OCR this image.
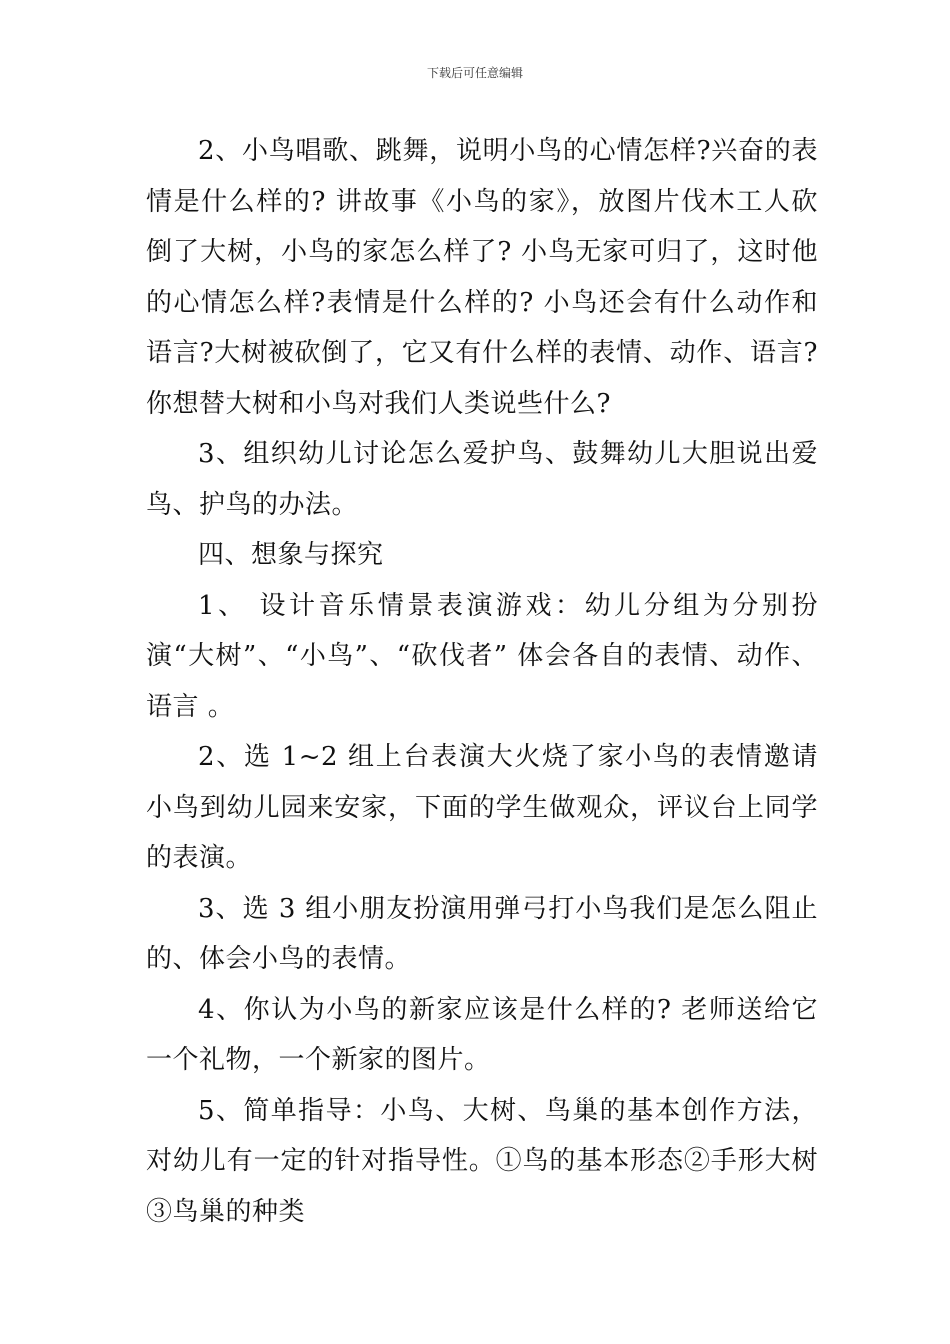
下载后可任意编辑

2、小鸟唱歌、跳舞，说明小鸟的心情怎样?兴奋的表情是什么样的? 讲故事《小鸟的家》，放图片伐木工人砍倒了大树，小鸟的家怎么样了? 小鸟无家可归了，这时他的心情怎么样?表情是什么样的? 小鸟还会有什么动作和语言?大树被砍倒了，它又有什么样的表情、动作、语言? 你想替大树和小鸟对我们人类说些什么?

3、组织幼儿讨论怎么爱护鸟、鼓舞幼儿大胆说出爱鸟、护鸟的办法。

四、想象与探究

1、 设计音乐情景表演游戏：幼儿分组为分别扮演“大树”、“小鸟”、“砍伐者” 体会各自的表情、动作、语言 。

2、选 1~2 组上台表演大火烧了家小鸟的表情邀请小鸟到幼儿园来安家，下面的学生做观众，评议台上同学的表演。

3、选 3 组小朋友扮演用弹弓打小鸟我们是怎么阻止的、体会小鸟的表情。

4、你认为小鸟的新家应该是什么样的? 老师送给它一个礼物，一个新家的图片。

5、简单指导：小鸟、大树、鸟巢的基本创作方法，对幼儿有一定的针对指导性。①鸟的基本形态②手形大树③鸟巢的种类
